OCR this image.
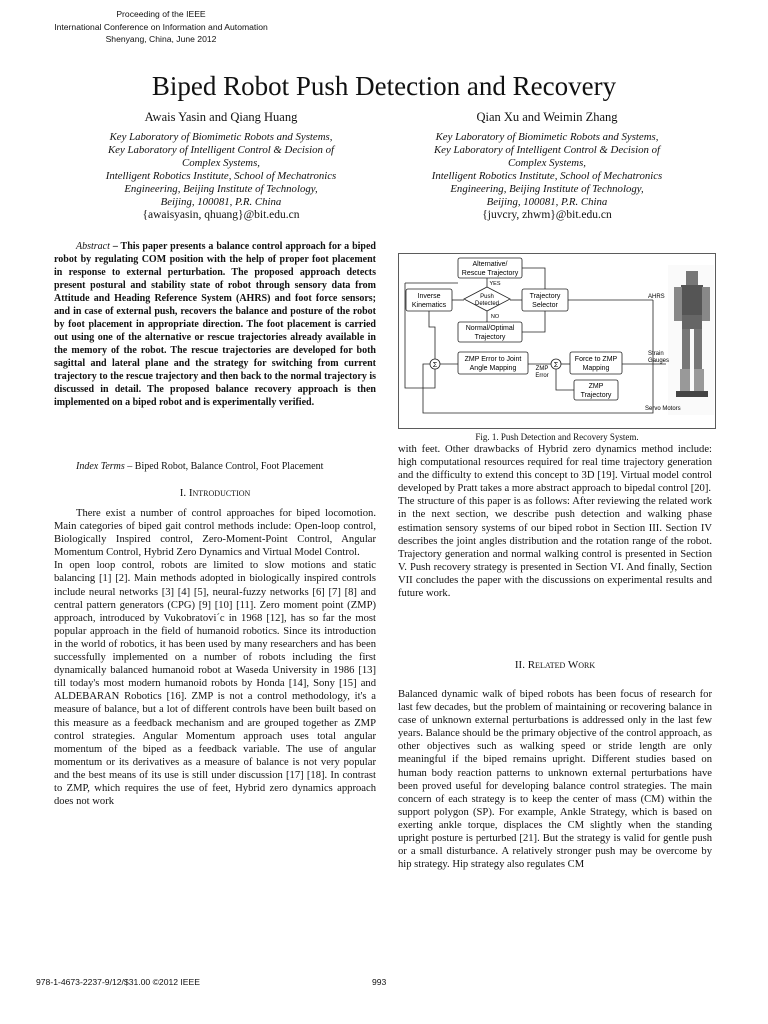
Proceeding of the IEEE
International Conference on Information and Automation
Shenyang, China, June 2012
Biped Robot Push Detection and Recovery
Awais Yasin and Qiang Huang	Qian Xu and Weimin Zhang
Key Laboratory of Biomimetic Robots and Systems,
Key Laboratory of Intelligent Control & Decision of
Complex Systems,
Intelligent Robotics Institute, School of Mechatronics
Engineering, Beijing Institute of Technology,
Beijing, 100081, P.R. China
{awaisyasin, qhuang}@bit.edu.cn
Key Laboratory of Biomimetic Robots and Systems,
Key Laboratory of Intelligent Control & Decision of
Complex Systems,
Intelligent Robotics Institute, School of Mechatronics
Engineering, Beijing Institute of Technology,
Beijing, 100081, P.R. China
{juvcry, zhwm}@bit.edu.cn

Abstract – This paper presents a balance control approach for a biped robot by regulating COM position with the help of proper foot placement in response to external perturbation. The proposed approach detects present postural and stability state of robot through sensory data from Attitude and Heading Reference System (AHRS) and foot force sensors; and in case of external push, recovers the balance and posture of the robot by foot placement in appropriate direction. The foot placement is carried out using one of the alternative or rescue trajectories already available in the memory of the robot. The rescue trajectories are developed for both sagittal and lateral plane and the strategy for switching from current trajectory to the rescue trajectory and then back to the normal trajectory is discussed in detail. The proposed balance recovery approach is then implemented on a biped robot and is experimentally verified.

Index Terms – Biped Robot, Balance Control, Foot Placement

I. Introduction

There exist a number of control approaches for biped locomotion. Main categories of biped gait control methods include: Open-loop control, Biologically Inspired control, Zero-Moment-Point Control, Angular Momentum Control, Hybrid Zero Dynamics and Virtual Model Control.

In open loop control, robots are limited to slow motions and static balancing [1] [2]. Main methods adopted in biologically inspired controls include neural networks [3] [4] [5], neural-fuzzy networks [6] [7] [8] and central pattern generators (CPG) [9] [10] [11]. Zero moment point (ZMP) approach, introduced by Vukobratovi´c in 1968 [12], has so far the most popular approach in the field of humanoid robotics. Since its introduction in the world of robotics, it has been used by many researchers and has been successfully implemented on a number of robots including the first dynamically balanced humanoid robot at Waseda University in 1986 [13] till today's most modern humanoid robots by Honda [14], Sony [15] and ALDEBARAN Robotics [16]. ZMP is not a control methodology, it's a measure of balance, but a lot of different controls have been built based on this measure as a feedback mechanism and are grouped together as ZMP control strategies. Angular Momentum approach uses total angular momentum of the biped as a feedback variable. The use of angular momentum or its derivatives as a measure of balance is not very popular and the best means of its use is still under discussion [17] [18]. In contrast to ZMP, which requires the use of feet, Hybrid zero dynamics approach does not work

Alternative/
Rescue Trajectory
YES
Push
Detected
NO
Inverse
Kinematics
Trajectory
Selector
Normal/Optimal
Trajectory
Σ
ZMP Error to Joint
Angle Mapping	ZMP
Error
Σ
Force to ZMP
Mapping
ZMP
Trajectory
AHRS
Strain
Gauges
Servo Motors
Fig. 1. Push Detection and Recovery System.

with feet. Other drawbacks of Hybrid zero dynamics method include: high computational resources required for real time trajectory generation and the difficulty to extend this concept to 3D [19]. Virtual model control developed by Pratt takes a more abstract approach to bipedal control [20].

The structure of this paper is as follows: After reviewing the related work in the next section, we describe push detection and walking phase estimation sensory systems of our biped robot in Section III. Section IV describes the joint angles distribution and the rotation range of the robot. Trajectory generation and normal walking control is presented in Section V. Push recovery strategy is presented in Section VI. And finally, Section VII concludes the paper with the discussions on experimental results and future work.

II. Related Work

Balanced dynamic walk of biped robots has been focus of research for last few decades, but the problem of maintaining or recovering balance in case of unknown external perturbations is addressed only in the last few years. Balance should be the primary objective of the control approach, as other objectives such as walking speed or stride length are only meaningful if the biped remains upright. Different studies based on human body reaction patterns to unknown external perturbations have been proved useful for developing balance control strategies. The main concern of each strategy is to keep the center of mass (CM) within the support polygon (SP). For example, Ankle Strategy, which is based on exerting ankle torque, displaces the CM slightly when the standing upright posture is perturbed [21]. But the strategy is valid for gentle push or a small disturbance. A relatively stronger push may be overcome by hip strategy. Hip strategy also regulates CM

978-1-4673-2237-9/12/$31.00 ©2012 IEEE	993
